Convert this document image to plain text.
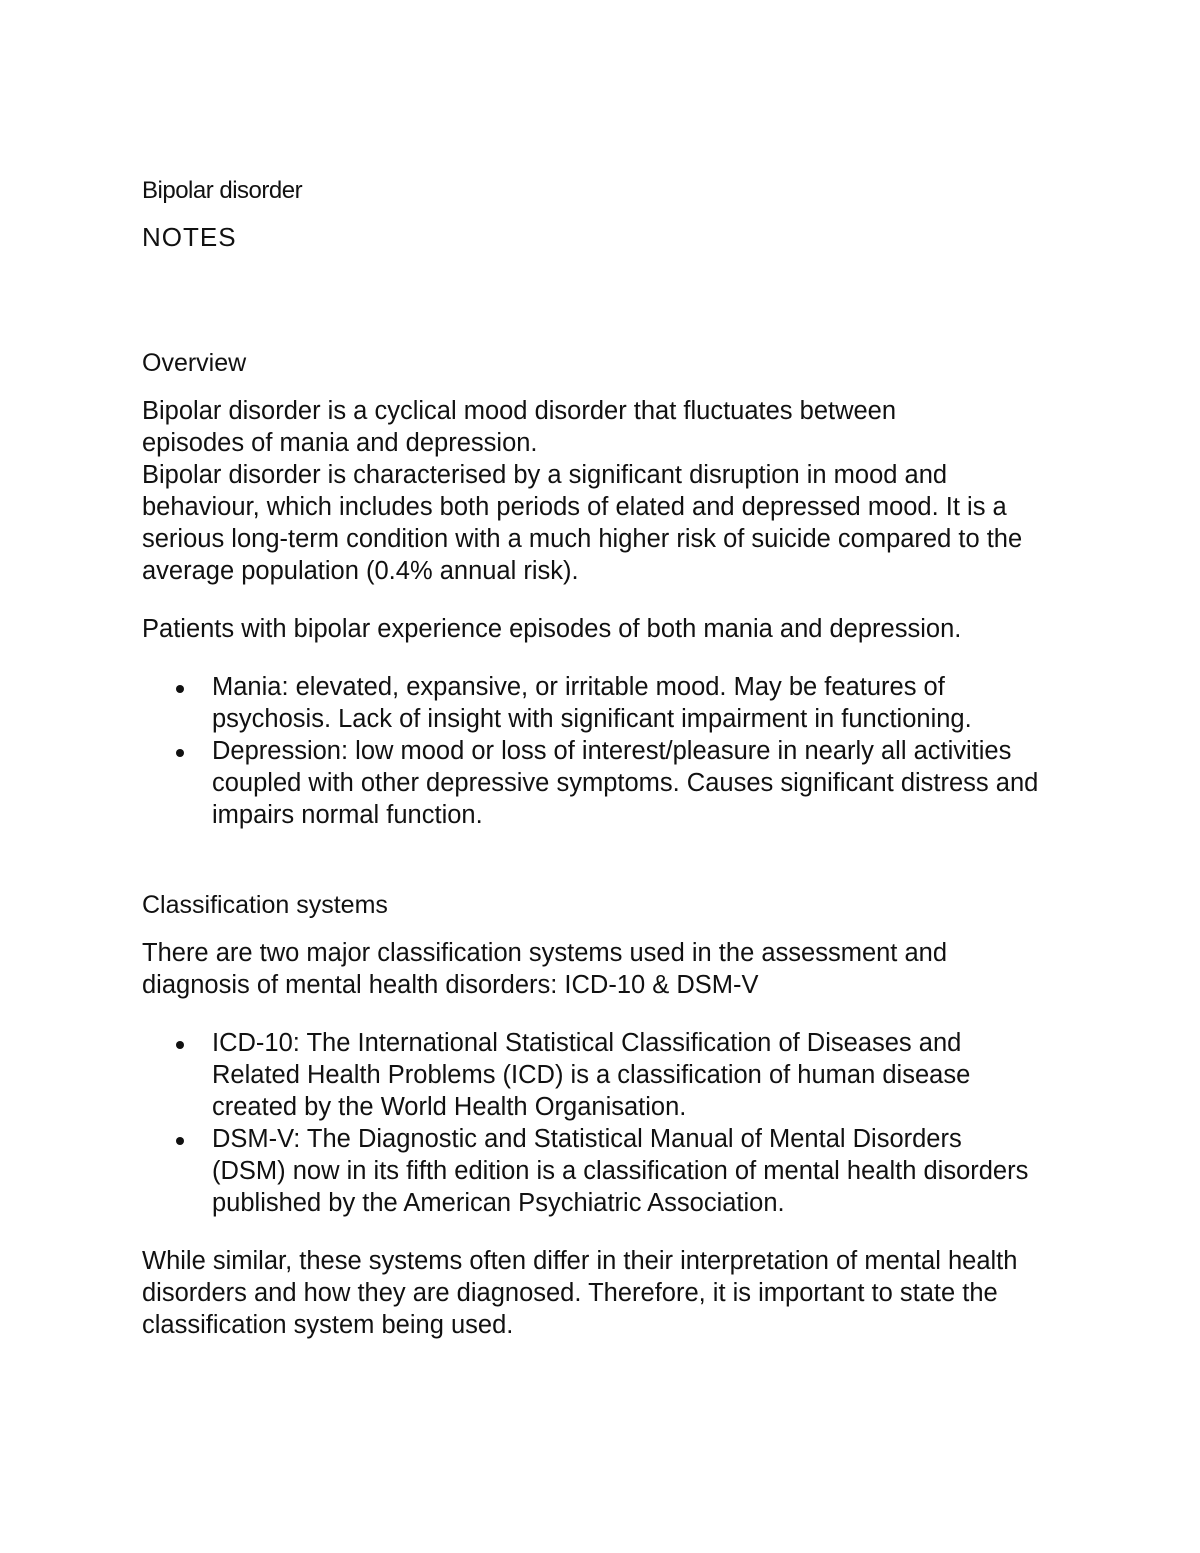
Bipolar disorder
NOTES
Overview

Bipolar disorder is a cyclical mood disorder that fluctuates between episodes of mania and depression.

Bipolar disorder is characterised by a significant disruption in mood and behaviour, which includes both periods of elated and depressed mood. It is a serious long-term condition with a much higher risk of suicide compared to the average population (0.4% annual risk).

Patients with bipolar experience episodes of both mania and depression.

Mania: elevated, expansive, or irritable mood. May be features of psychosis. Lack of insight with significant impairment in functioning.
Depression: low mood or loss of interest/pleasure in nearly all activities coupled with other depressive symptoms. Causes significant distress and impairs normal function.
Classification systems

There are two major classification systems used in the assessment and diagnosis of mental health disorders: ICD-10 & DSM-V

ICD-10: The International Statistical Classification of Diseases and Related Health Problems (ICD) is a classification of human disease created by the World Health Organisation.
DSM-V: The Diagnostic and Statistical Manual of Mental Disorders (DSM) now in its fifth edition is a classification of mental health disorders published by the American Psychiatric Association.

While similar, these systems often differ in their interpretation of mental health disorders and how they are diagnosed. Therefore, it is important to state the classification system being used.
